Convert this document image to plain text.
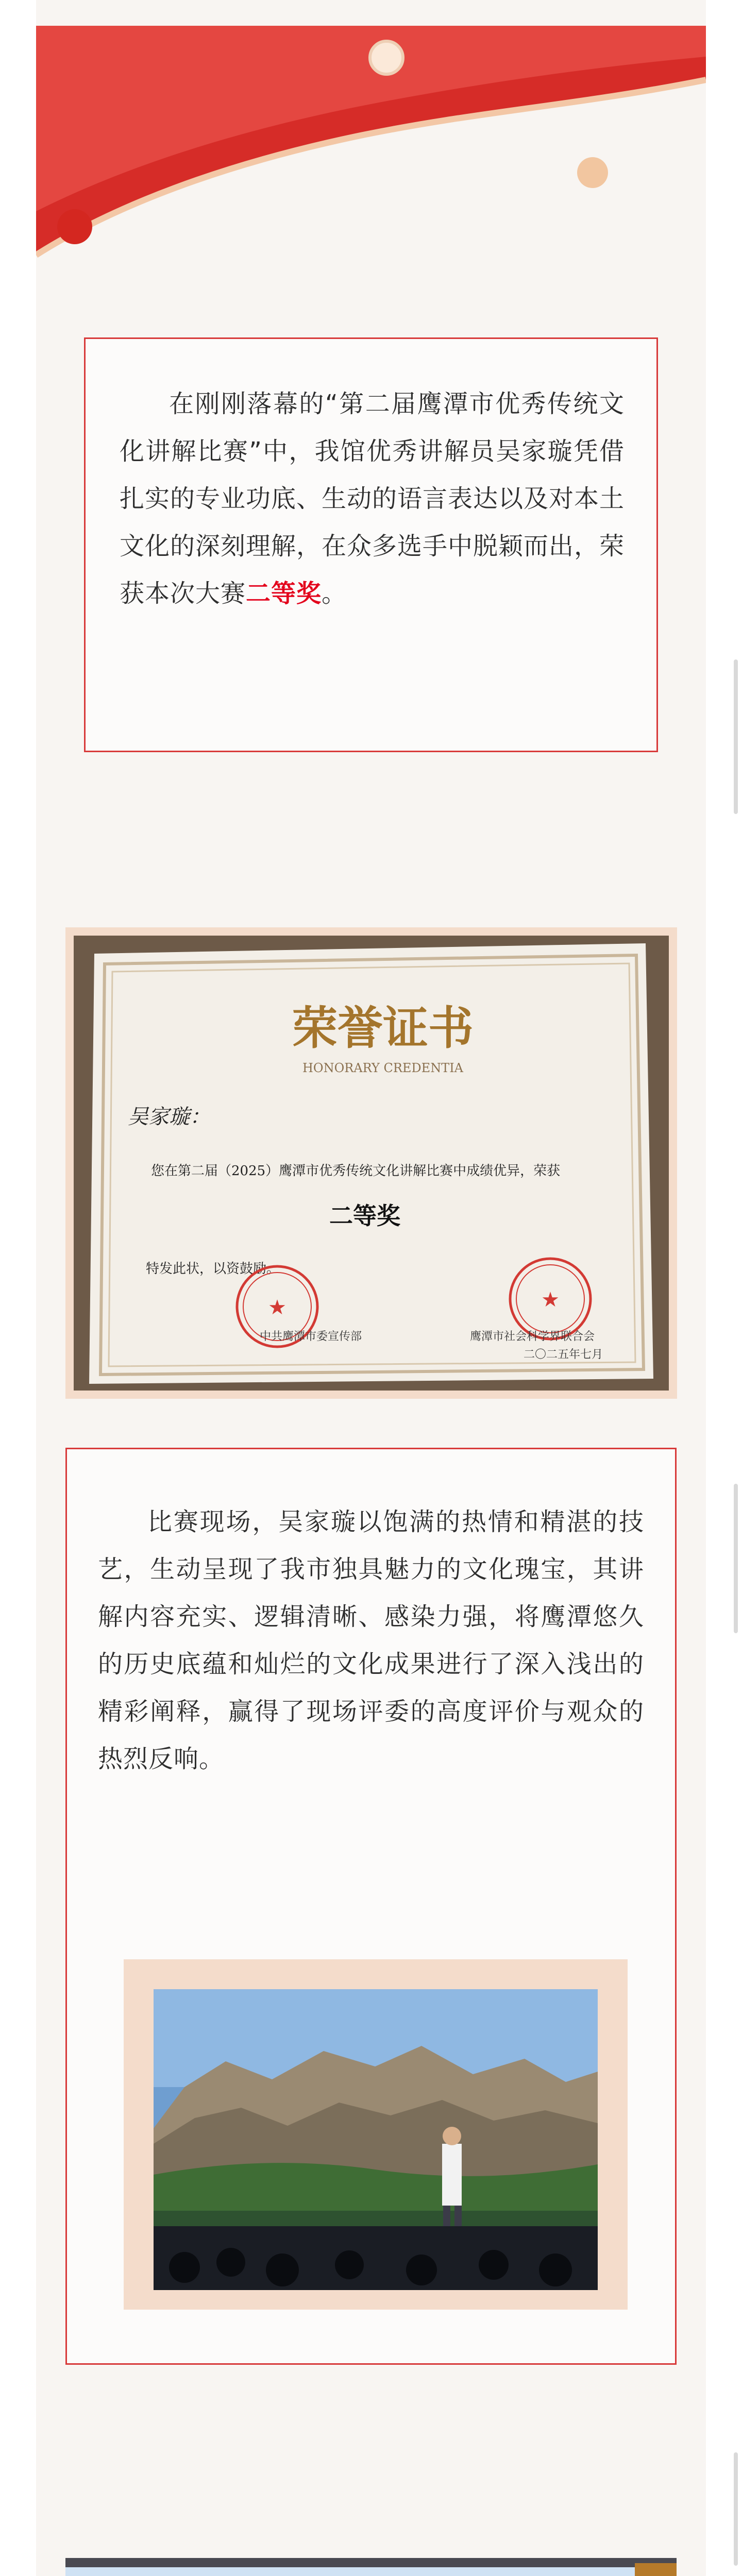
在刚刚落幕的“第二届鹰潭市优秀传统文化讲解比赛”中，我馆优秀讲解员吴家璇凭借扎实的专业功底、生动的语言表达以及对本土文化的深刻理解，在众多选手中脱颖而出，荣获本次大赛二等奖。

荣誉证书
HONORARY CREDENTIA
吴家璇：
您在第二届（2025）鹰潭市优秀传统文化讲解比赛中成绩优异，荣获
二等奖
特发此状，以资鼓励。
★	★
中共鹰潭市委宣传部	鹰潭市社会科学界联合会
二〇二五年七月

比赛现场，吴家璇以饱满的热情和精湛的技艺，生动呈现了我市独具魅力的文化瑰宝，其讲解内容充实、逻辑清晰、感染力强，将鹰潭悠久的历史底蕴和灿烂的文化成果进行了深入浅出的精彩阐释，赢得了现场评委的高度评价与观众的热烈反响。
